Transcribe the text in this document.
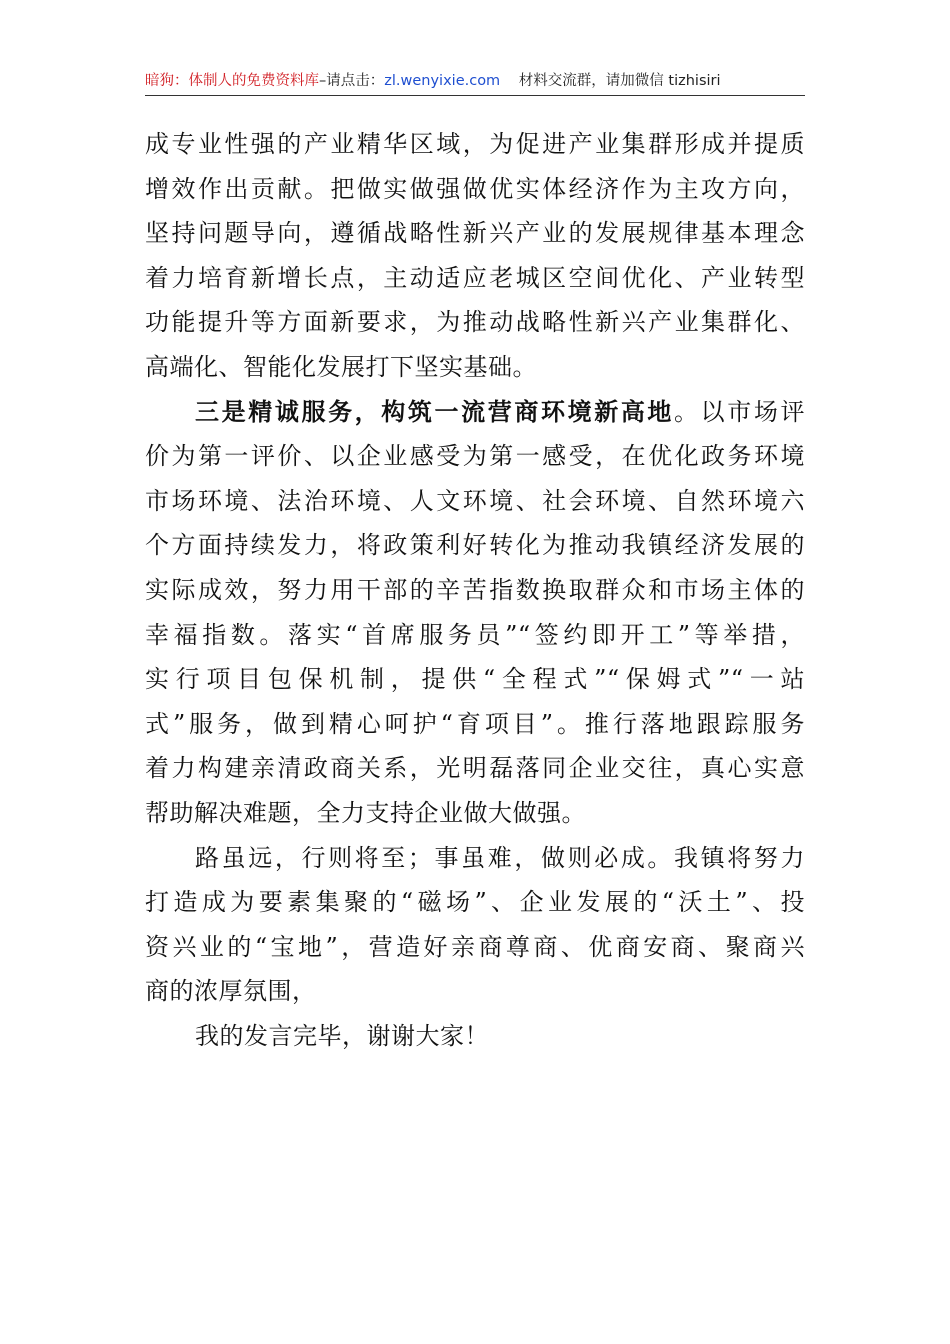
暗狗：体制人的免费资料库–请点击：zl.wenyixie.com 材料交流群，请加微信 tizhisiri
成专业性强的产业精华区域，为促进产业集群形成并提质
增效作出贡献。把做实做强做优实体经济作为主攻方向，
坚持问题导向，遵循战略性新兴产业的发展规律基本理念
着力培育新增长点，主动适应老城区空间优化、产业转型
功能提升等方面新要求，为推动战略性新兴产业集群化、
高端化、智能化发展打下坚实基础。
三是精诚服务，构筑一流营商环境新高地。以市场评
价为第一评价、以企业感受为第一感受，在优化政务环境
市场环境、法治环境、人文环境、社会环境、自然环境六
个方面持续发力，将政策利好转化为推动我镇经济发展的
实际成效，努力用干部的辛苦指数换取群众和市场主体的
幸福指数。落实“首席服务员”“签约即开工”等举措，
实行项目包保机制，提供“全程式”“保姆式”“一站
式”服务，做到精心呵护“育项目”。推行落地跟踪服务
着力构建亲清政商关系，光明磊落同企业交往，真心实意
帮助解决难题，全力支持企业做大做强。
路虽远，行则将至；事虽难，做则必成。我镇将努力
打造成为要素集聚的“磁场”、企业发展的“沃土”、投
资兴业的“宝地”，营造好亲商尊商、优商安商、聚商兴
商的浓厚氛围，
我的发言完毕，谢谢大家！
